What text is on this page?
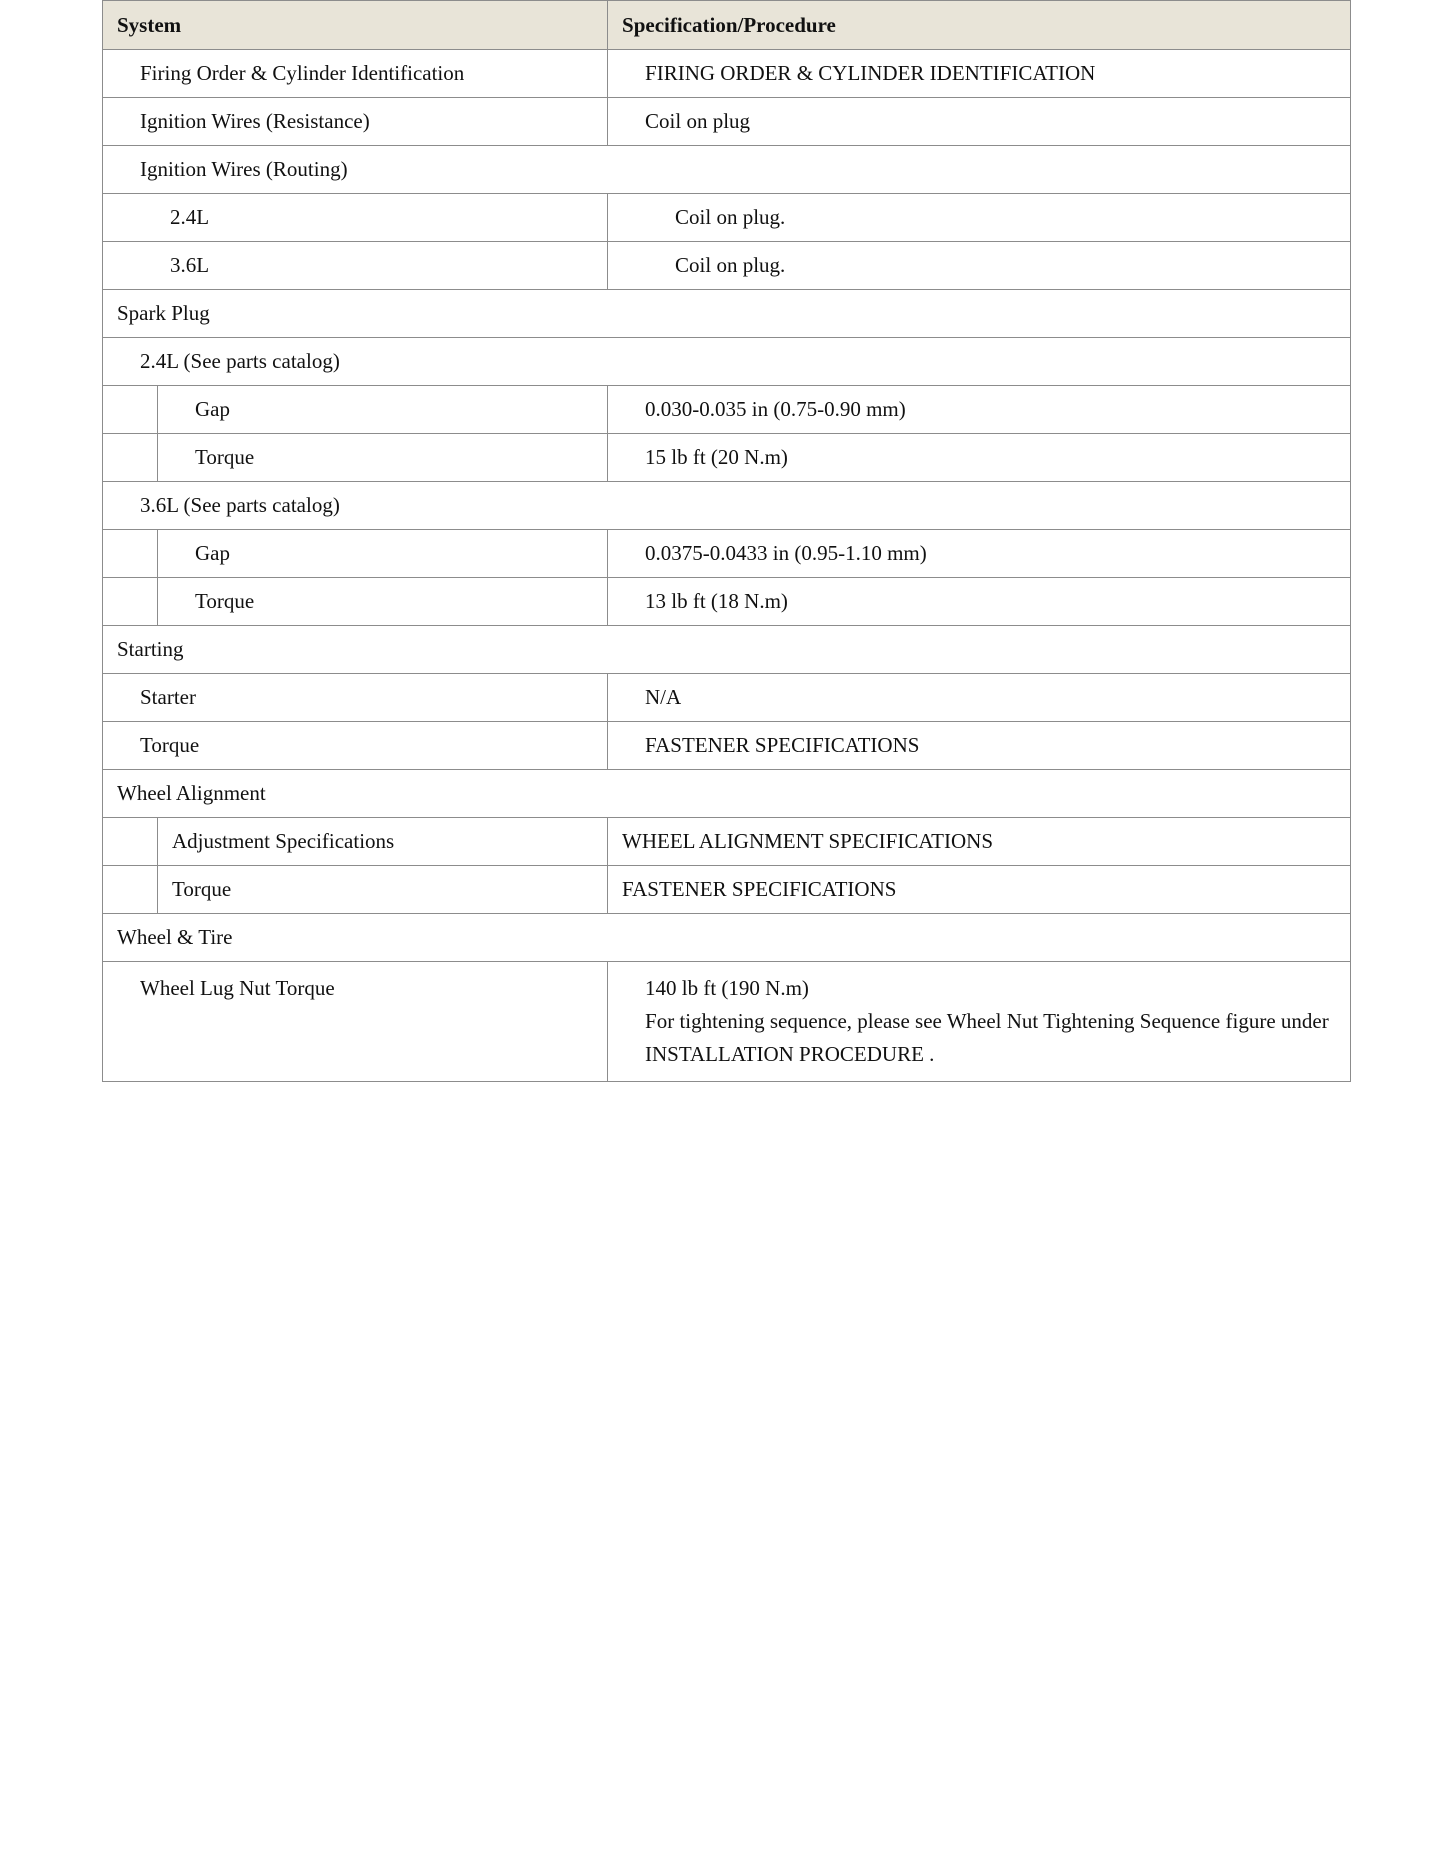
System		Specification/Procedure
Firing Order & Cylinder Identification		FIRING ORDER & CYLINDER IDENTIFICATION
Ignition Wires (Resistance)		Coil on plug
Ignition Wires (Routing)		
2.4L		Coil on plug.
3.6L		Coil on plug.
Spark Plug		
2.4L (See parts catalog)		
	Gap	0.030-0.035 in (0.75-0.90 mm)
	Torque	15 lb ft (20 N.m)
3.6L (See parts catalog)		
	Gap	0.0375-0.0433 in (0.95-1.10 mm)
	Torque	13 lb ft (18 N.m)
Starting		
Starter		N/A
Torque		FASTENER SPECIFICATIONS
Wheel Alignment		
	Adjustment Specifications	WHEEL ALIGNMENT SPECIFICATIONS
	Torque	FASTENER SPECIFICATIONS
Wheel & Tire		
Wheel Lug Nut Torque		140 lb ft (190 N.m)
For tightening sequence, please see Wheel Nut Tightening Sequence figure under INSTALLATION PROCEDURE .
